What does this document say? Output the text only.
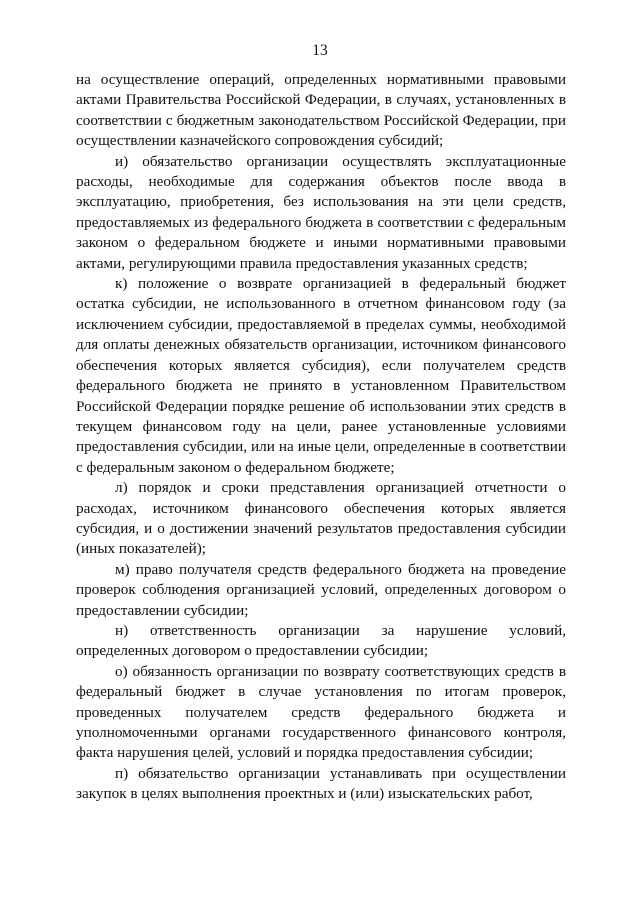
13

на осуществление операций, определенных нормативными правовыми актами Правительства Российской Федерации, в случаях, установленных в соответствии с бюджетным законодательством Российской Федерации, при осуществлении казначейского сопровождения субсидий;

и) обязательство организации осуществлять эксплуатационные расходы, необходимые для содержания объектов после ввода в эксплуатацию, приобретения, без использования на эти цели средств, предоставляемых из федерального бюджета в соответствии с федеральным законом о федеральном бюджете и иными нормативными правовыми актами, регулирующими правила предоставления указанных средств;

к) положение о возврате организацией в федеральный бюджет остатка субсидии, не использованного в отчетном финансовом году (за исключением субсидии, предоставляемой в пределах суммы, необходимой для оплаты денежных обязательств организации, источником финансового обеспечения которых является субсидия), если получателем средств федерального бюджета не принято в установленном Правительством Российской Федерации порядке решение об использовании этих средств в текущем финансовом году на цели, ранее установленные условиями предоставления субсидии, или на иные цели, определенные в соответствии с федеральным законом о федеральном бюджете;

л) порядок и сроки представления организацией отчетности о расходах, источником финансового обеспечения которых является субсидия, и о достижении значений результатов предоставления субсидии (иных показателей);

м) право получателя средств федерального бюджета на проведение проверок соблюдения организацией условий, определенных договором о предоставлении субсидии;

н) ответственность организации за нарушение условий, определенных договором о предоставлении субсидии;

о) обязанность организации по возврату соответствующих средств в федеральный бюджет в случае установления по итогам проверок, проведенных получателем средств федерального бюджета и уполномоченными органами государственного финансового контроля, факта нарушения целей, условий и порядка предоставления субсидии;

п) обязательство организации устанавливать при осуществлении закупок в целях выполнения проектных и (или) изыскательских работ,
